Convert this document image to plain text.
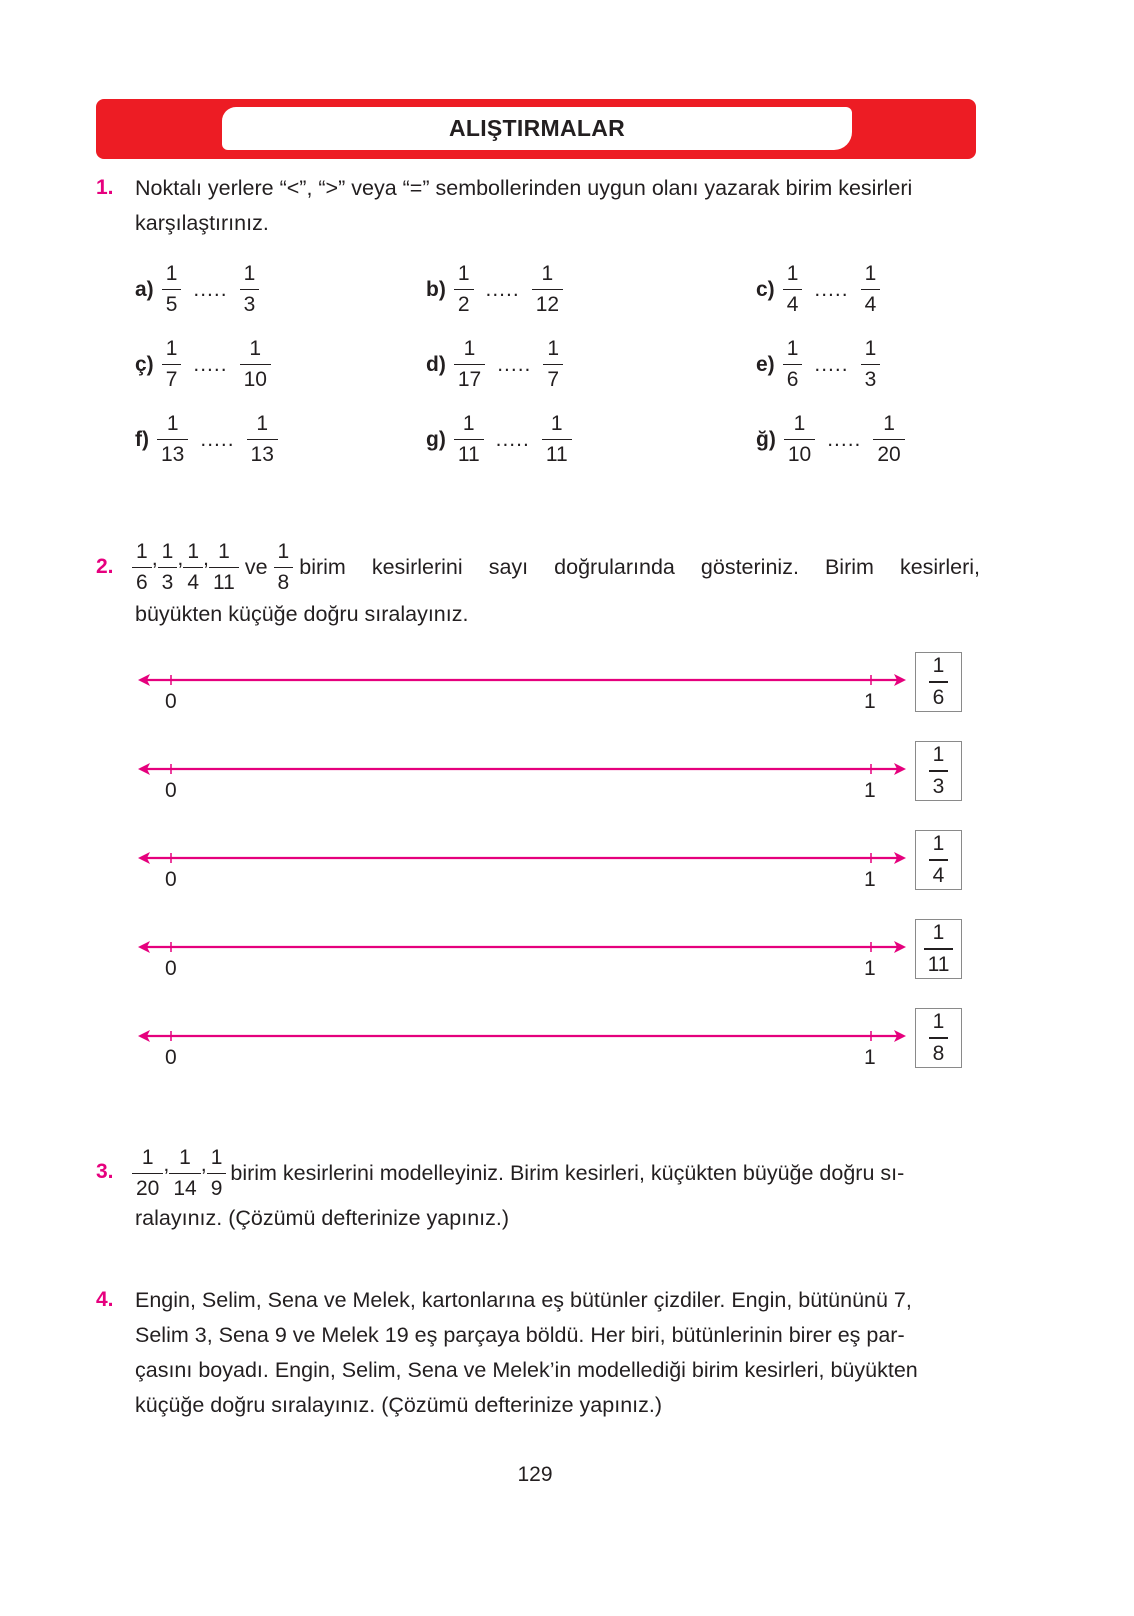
ALIŞTIRMALAR
1. Noktalı yerlere “<”, “>” veya “=” sembollerinden uygun olanı yazarak birim kesirleri karşılaştırınız.
$a) \frac{1}{5}$ ..... $\frac{1}{3}$	$b) \frac{1}{2}$ ..... $\frac{1}{12}$	$c) \frac{1}{4}$ ..... $\frac{1}{4}$
ç) $\frac{1}{7}$ ..... $\frac{1}{10}$	$d) \frac{1}{17}$ ..... $\frac{1}{7}$	$e) \frac{1}{6}$ ..... $\frac{1}{3}$
$f) \frac{1}{13}$ ..... $\frac{1}{13}$	$g) \frac{1}{11}$ ..... $\frac{1}{11}$	ğ) $\frac{1}{10}$ ..... $\frac{1}{20}$
2. $\frac{1}{6}$ , $\frac{1}{3}$ , $\frac{1}{4}$ , $\frac{1}{11}$ ve $\frac{1}{8}$ birim kesirlerini sayı doğrularında gösteriniz. Birim kesirleri,
büyükten küçüğe doğru sıralayınız.
0	1	$\frac{1}{6}$
0	1	$\frac{1}{3}$
0	1	$\frac{1}{4}$
0	$1 \frac{1}{11}$
0	1	$\frac{1}{8}$
3. $\frac{1}{20}$ , $\frac{1}{14}$ , $\frac{1}{9}$ birim kesirlerini modelleyiniz. Birim kesirleri, küçükten büyüğe doğru sı-
ralayınız. (Çözümü defterinize yapınız.)
4. Engin, Selim, Sena ve Melek, kartonlarına eş bütünler çizdiler. Engin, bütününü 7,
Selim 3, Sena 9 ve Melek 19 eş parçaya böldü. Her biri, bütünlerinin birer eş par-
çasını boyadı. Engin, Selim, Sena ve Melek’in modellediği birim kesirleri, büyükten
küçüğe doğru sıralayınız. (Çözümü defterinize yapınız.)
129
